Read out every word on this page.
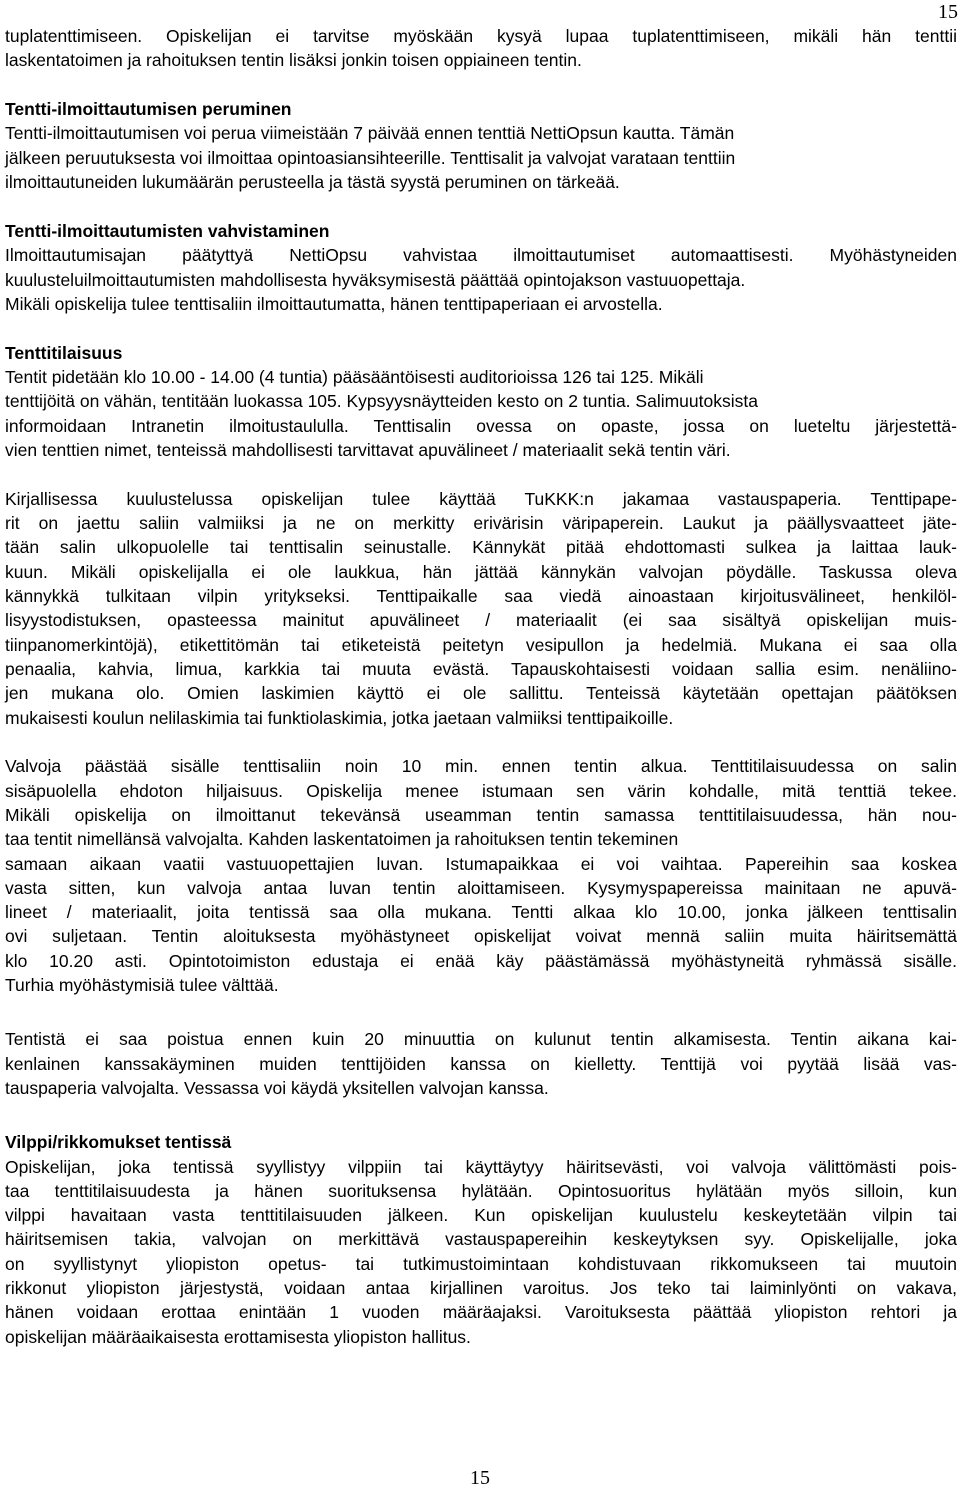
15
tuplatenttimiseen. Opiskelijan ei tarvitse myöskään kysyä lupaa tuplatenttimiseen, mikäli hän tenttii
laskentatoimen ja rahoituksen tentin lisäksi jonkin toisen oppiaineen tentin.
Tentti-ilmoittautumisen peruminen
Tentti-ilmoittautumisen voi perua viimeistään 7 päivää ennen tenttiä NettiOpsun kautta. Tämän
jälkeen peruutuksesta voi ilmoittaa opintoasiansihteerille. Tenttisalit ja valvojat varataan tenttiin
ilmoittautuneiden lukumäärän perusteella ja tästä syystä peruminen on tärkeää.
Tentti-ilmoittautumisten vahvistaminen
Ilmoittautumisajan päätyttyä NettiOpsu vahvistaa ilmoittautumiset automaattisesti. Myöhästyneiden
kuulusteluilmoittautumisten mahdollisesta hyväksymisestä päättää opintojakson vastuuopettaja.
Mikäli opiskelija tulee tenttisaliin ilmoittautumatta, hänen tenttipaperiaan ei arvostella.
Tenttitilaisuus
Tentit pidetään klo 10.00 - 14.00 (4 tuntia) pääsääntöisesti auditorioissa 126 tai 125. Mikäli
tenttijöitä on vähän, tentitään luokassa 105. Kypsyysnäytteiden kesto on 2 tuntia. Salimuutoksista
informoidaan Intranetin ilmoitustaululla. Tenttisalin ovessa on opaste, jossa on lueteltu järjestettä-
vien tenttien nimet, tenteissä mahdollisesti tarvittavat apuvälineet / materiaalit sekä tentin väri.
Kirjallisessa kuulustelussa opiskelijan tulee käyttää TuKKK:n jakamaa vastauspaperia. Tenttipape-
rit on jaettu saliin valmiiksi ja ne on merkitty erivärisin väripaperein. Laukut ja päällysvaatteet jäte-
tään salin ulkopuolelle tai tenttisalin seinustalle. Kännykät pitää ehdottomasti sulkea ja laittaa lauk-
kuun. Mikäli opiskelijalla ei ole laukkua, hän jättää kännykän valvojan pöydälle. Taskussa oleva
kännykkä tulkitaan vilpin yritykseksi. Tenttipaikalle saa viedä ainoastaan kirjoitusvälineet, henkilöl-
lisyystodistuksen, opasteessa mainitut apuvälineet / materiaalit (ei saa sisältyä opiskelijan muis-
tiinpanomerkintöjä), etikettitömän tai etiketeistä peitetyn vesipullon ja hedelmiä. Mukana ei saa olla
penaalia, kahvia, limua, karkkia tai muuta evästä. Tapauskohtaisesti voidaan sallia esim. nenäliino-
jen mukana olo. Omien laskimien käyttö ei ole sallittu. Tenteissä käytetään opettajan päätöksen
mukaisesti koulun nelilaskimia tai funktiolaskimia, jotka jaetaan valmiiksi tenttipaikoille.
Valvoja päästää sisälle tenttisaliin noin 10 min. ennen tentin alkua. Tenttitilaisuudessa on salin
sisäpuolella ehdoton hiljaisuus. Opiskelija menee istumaan sen värin kohdalle, mitä tenttiä tekee.
Mikäli opiskelija on ilmoittanut tekevänsä useamman tentin samassa tenttitilaisuudessa, hän nou-
taa tentit nimellänsä valvojalta. Kahden laskentatoimen ja rahoituksen tentin tekeminen
samaan aikaan vaatii vastuuopettajien luvan. Istumapaikkaa ei voi vaihtaa. Papereihin saa koskea
vasta sitten, kun valvoja antaa luvan tentin aloittamiseen. Kysymyspapereissa mainitaan ne apuvä-
lineet / materiaalit, joita tentissä saa olla mukana. Tentti alkaa klo 10.00, jonka jälkeen tenttisalin
ovi suljetaan. Tentin aloituksesta myöhästyneet opiskelijat voivat mennä saliin muita häiritsemättä
klo 10.20 asti. Opintotoimiston edustaja ei enää käy päästämässä myöhästyneitä ryhmässä sisälle.
Turhia myöhästymisiä tulee välttää.
Tentistä ei saa poistua ennen kuin 20 minuuttia on kulunut tentin alkamisesta. Tentin aikana kai-
kenlainen kanssakäyminen muiden tenttijöiden kanssa on kielletty. Tenttijä voi pyytää lisää vas-
tauspaperia valvojalta. Vessassa voi käydä yksitellen valvojan kanssa.
Vilppi/rikkomukset tentissä
Opiskelijan, joka tentissä syyllistyy vilppiin tai käyttäytyy häiritsevästi, voi valvoja välittömästi pois-
taa tenttitilaisuudesta ja hänen suorituksensa hylätään. Opintosuoritus hylätään myös silloin, kun
vilppi havaitaan vasta tenttitilaisuuden jälkeen. Kun opiskelijan kuulustelu keskeytetään vilpin tai
häiritsemisen takia, valvojan on merkittävä vastauspapereihin keskeytyksen syy. Opiskelijalle, joka
on syyllistynyt yliopiston opetus- tai tutkimustoimintaan kohdistuvaan rikkomukseen tai muutoin
rikkonut yliopiston järjestystä, voidaan antaa kirjallinen varoitus. Jos teko tai laiminlyönti on vakava,
hänen voidaan erottaa enintään 1 vuoden määräajaksi. Varoituksesta päättää yliopiston rehtori ja
opiskelijan määräaikaisesta erottamisesta yliopiston hallitus.
15
